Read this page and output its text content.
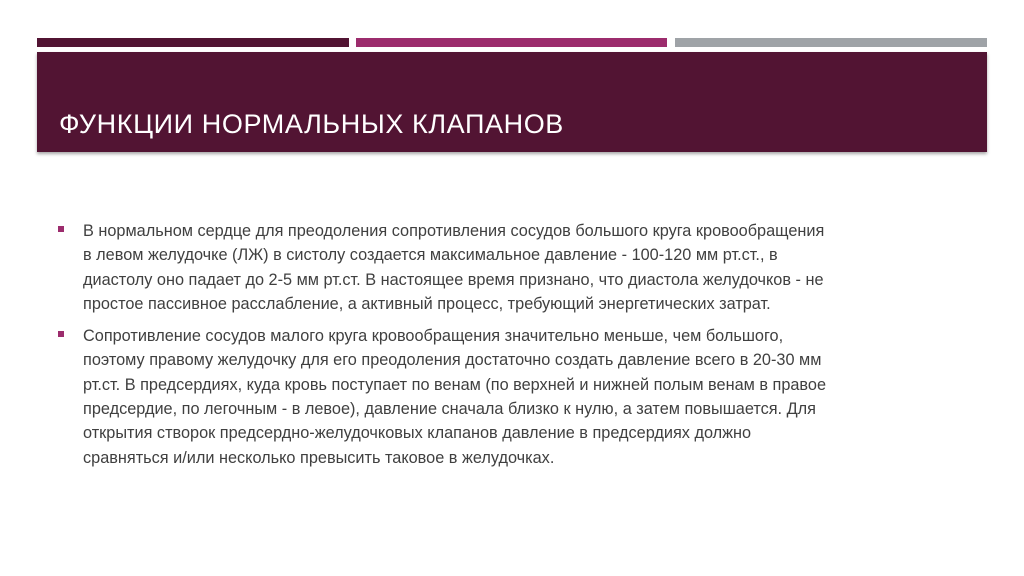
ФУНКЦИИ НОРМАЛЬНЫХ КЛАПАНОВ
В нормальном сердце для преодоления сопротивления сосудов большого круга кровообращения
в левом желудочке (ЛЖ) в систолу создается максимальное давление - 100-120 мм рт.ст., в
диастолу оно падает до 2-5 мм рт.ст. В настоящее время признано, что диастола желудочков - не
простое пассивное расслабление, а активный процесс, требующий энергетических затрат.
Сопротивление сосудов малого круга кровообращения значительно меньше, чем большого,
поэтому правому желудочку для его преодоления достаточно создать давление всего в 20-30 мм
рт.ст. В предсердиях, куда кровь поступает по венам (по верхней и нижней полым венам в правое
предсердие, по легочным - в левое), давление сначала близко к нулю, а затем повышается. Для
открытия створок предсердно-желудочковых клапанов давление в предсердиях должно
сравняться и/или несколько превысить таковое в желудочках.
